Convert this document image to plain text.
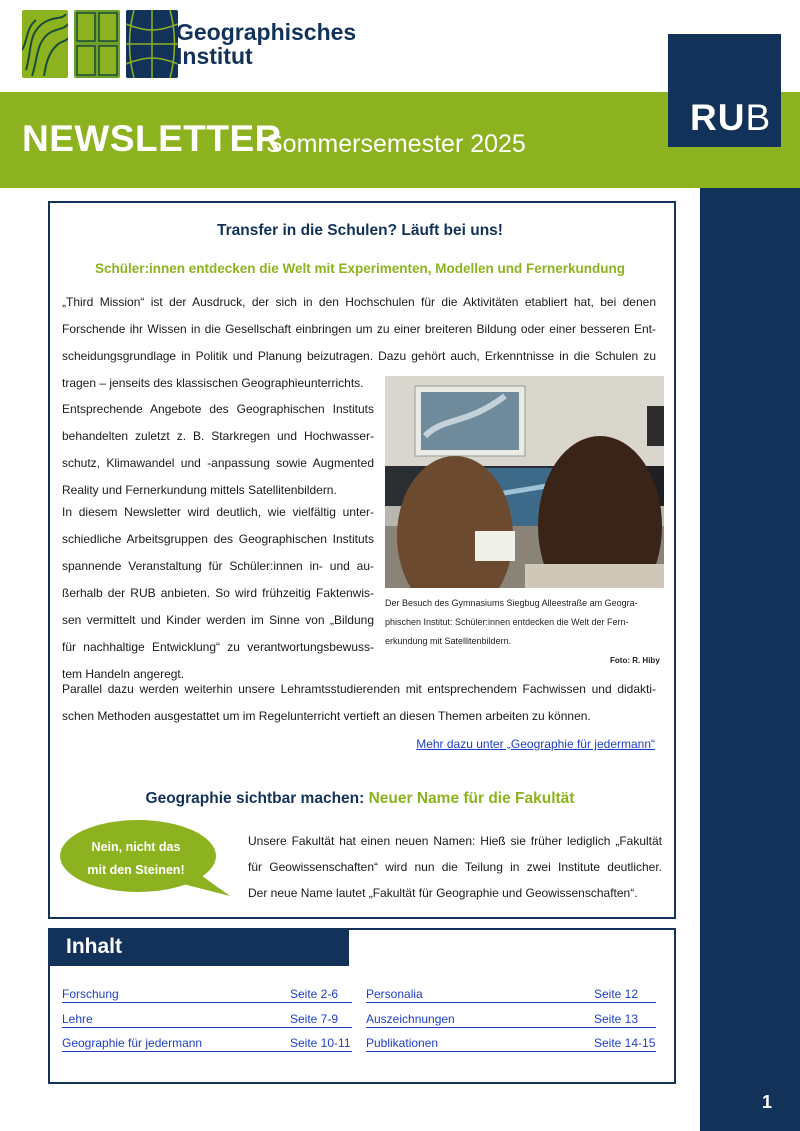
Geographisches
Institut
NEWSLETTER
Sommersemester 2025
RUB
1
Transfer in die Schulen? Läuft bei uns!
Schüler:innen entdecken die Welt mit Experimenten, Modellen und Fernerkundung
„Third Mission“ ist der Ausdruck, der sich in den Hochschulen für die Aktivitäten etabliert hat, bei denen
Forschende ihr Wissen in die Gesellschaft einbringen um zu einer breiteren Bildung oder einer besseren Ent-
scheidungsgrundlage in Politik und Planung beizutragen. Dazu gehört auch, Erkenntnisse in die Schulen zu
tragen – jenseits des klassischen Geographieunterrichts.
Entsprechende Angebote des Geographischen Instituts
behandelten zuletzt z. B. Starkregen und Hochwasser-
schutz, Klimawandel und -anpassung sowie Augmented
Reality und Fernerkundung mittels Satellitenbildern.
In diesem Newsletter wird deutlich, wie vielfältig unter-
schiedliche Arbeitsgruppen des Geographischen Instituts
spannende Veranstaltung für Schüler:innen in- und au-
ßerhalb der RUB anbieten. So wird frühzeitig Faktenwis-
sen vermittelt und Kinder werden im Sinne von „Bildung
für nachhaltige Entwicklung“ zu verantwortungsbewuss-
tem Handeln angeregt.
Der Besuch des Gymnasiums Siegbug Alleestraße am Geogra-
phischen Institut: Schüler:innen entdecken die Welt der Fern-
erkundung mit Satellitenbildern.
Foto: R. Hiby
Parallel dazu werden weiterhin unsere Lehramtsstudierenden mit entsprechendem Fachwissen und didakti-
schen Methoden ausgestattet um im Regelunterricht vertieft an diesen Themen arbeiten zu können.
Mehr dazu unter „Geographie für jedermann“
Geographie sichtbar machen: Neuer Name für die Fakultät
Nein, nicht das
mit den Steinen!
Unsere Fakultät hat einen neuen Namen: Hieß sie früher lediglich „Fakultät
für Geowissenschaften“ wird nun die Teilung in zwei Institute deutlicher.
Der neue Name lautet „Fakultät für Geographie und Geowissenschaften“.
Inhalt
Forschung	Seite 2-6
Lehre	Seite 7-9
Geographie für jedermann	Seite 10-11
Personalia	Seite 12
Auszeichnungen	Seite 13
Publikationen	Seite 14-15
